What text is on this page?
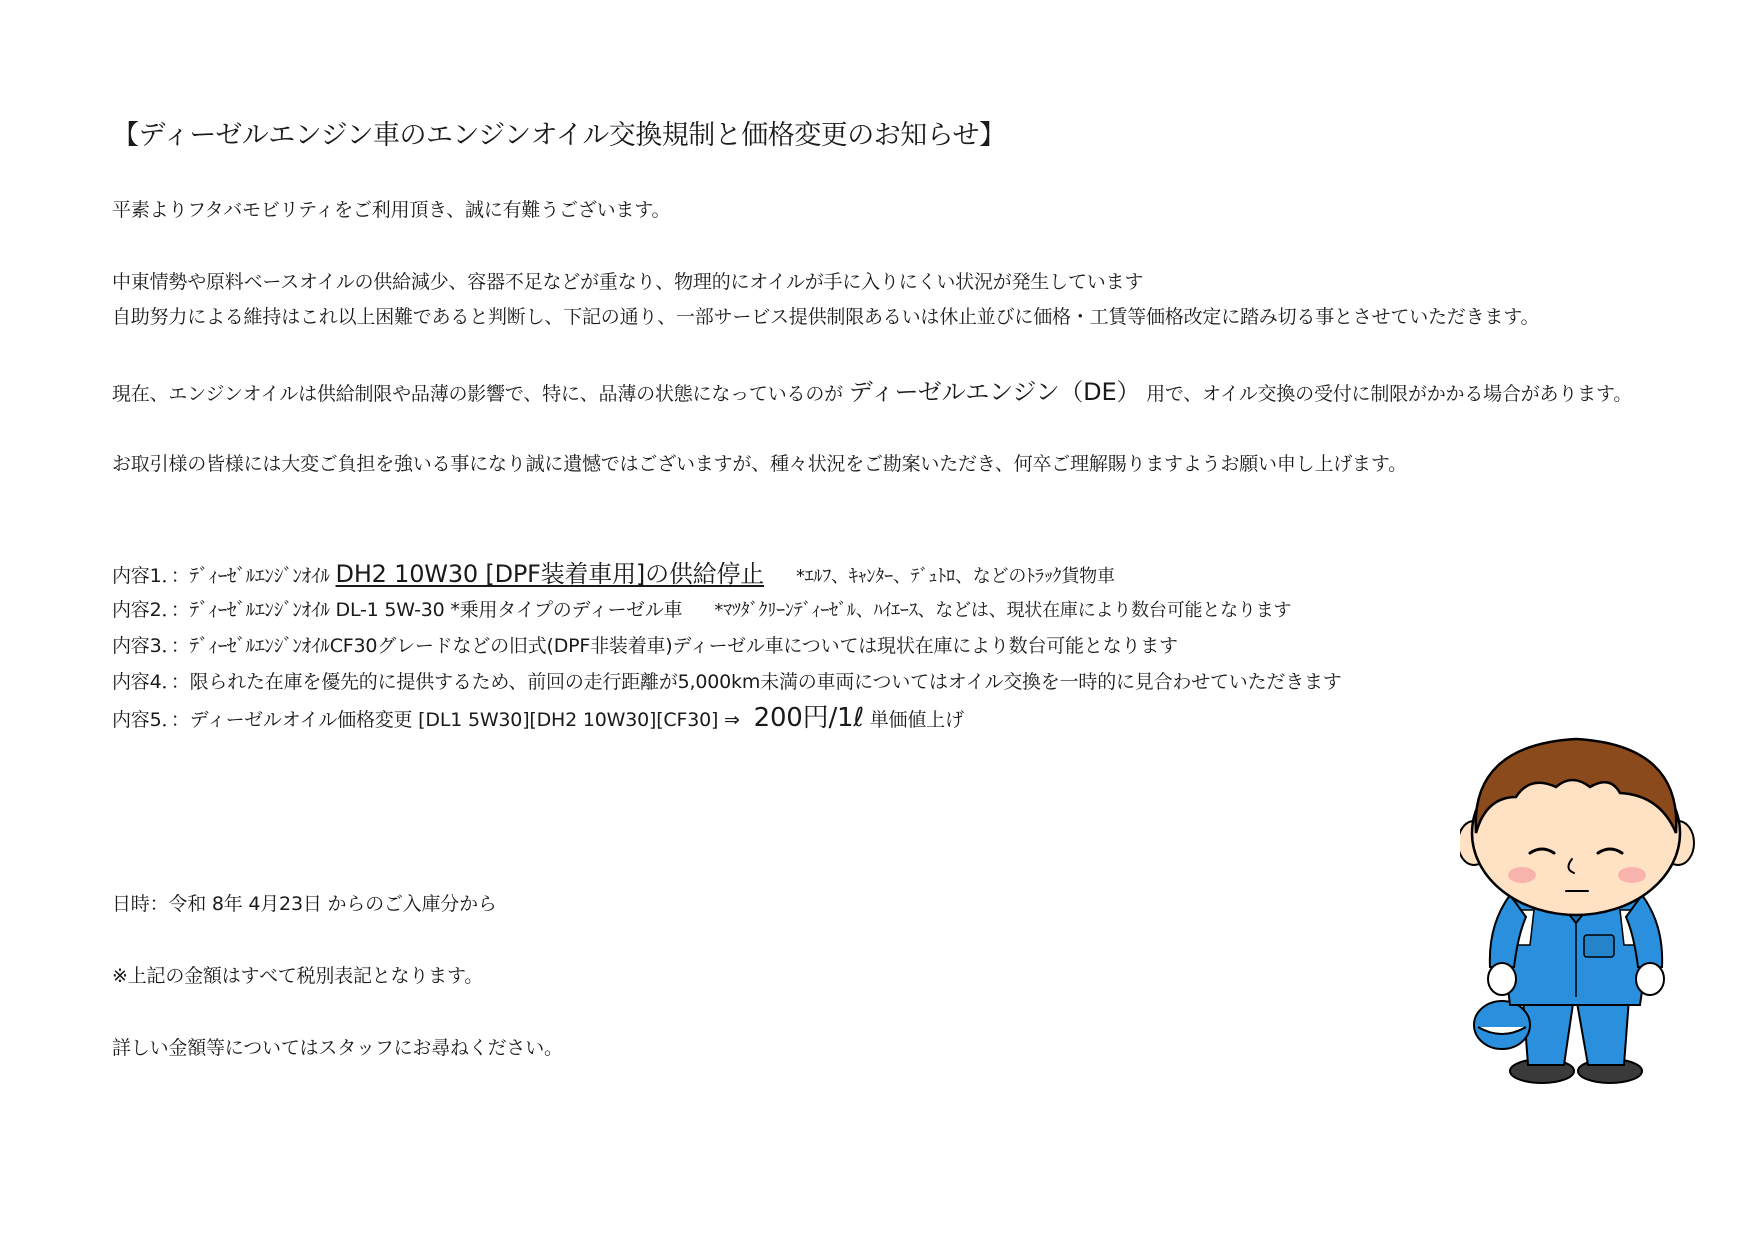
【ディーゼルエンジン車のエンジンオイル交換規制と価格変更のお知らせ】
平素よりフタバモビリティをご利用頂き、誠に有難うございます。
中東情勢や原料ベースオイルの供給減少、容器不足などが重なり、物理的にオイルが手に入りにくい状況が発生しています
自助努力による維持はこれ以上困難であると判断し、下記の通り、一部サービス提供制限あるいは休止並びに価格・工賃等価格改定に踏み切る事とさせていただきます。
現在、エンジンオイルは供給制限や品薄の影響で、特に、品薄の状態になっているのが ディーゼルエンジン（DE） 用で、オイル交換の受付に制限がかかる場合があります。
お取引様の皆様には大変ご負担を強いる事になり誠に遺憾ではございますが、種々状況をご勘案いただき、何卒ご理解賜りますようお願い申し上げます。
内容1．：ﾃﾞｨｰｾﾞﾙｴﾝｼﾞﾝｵｲﾙ DH2 10W30 [DPF装着車用]の供給停止 *ｴﾙﾌ、ｷｬﾝﾀｰ、ﾃﾞｭﾄﾛ、などのﾄﾗｯｸ貨物車
内容2．：ﾃﾞｨｰｾﾞﾙｴﾝｼﾞﾝｵｲﾙ DL-1 5W-30 *乗用タイプのディーゼル車 *ﾏﾂﾀﾞｸﾘｰﾝﾃﾞｨｰｾﾞﾙ、ﾊｲｴｰｽ、などは、現状在庫により数台可能となります
内容3．：ﾃﾞｨｰｾﾞﾙｴﾝｼﾞﾝｵｲﾙCF30グレードなどの旧式(DPF非装着車)ディーゼル車については現状在庫により数台可能となります
内容4．：限られた在庫を優先的に提供するため、前回の走行距離が5,000km未満の車両についてはオイル交換を一時的に見合わせていただきます
内容5．：ディーゼルオイル価格変更 [DL1 5W30][DH2 10W30][CF30] ⇒ 200円/1ℓ 単価値上げ
日時：令和 8年 4月23日 からのご入庫分から
※上記の金額はすべて税別表記となります。
詳しい金額等についてはスタッフにお尋ねください。
